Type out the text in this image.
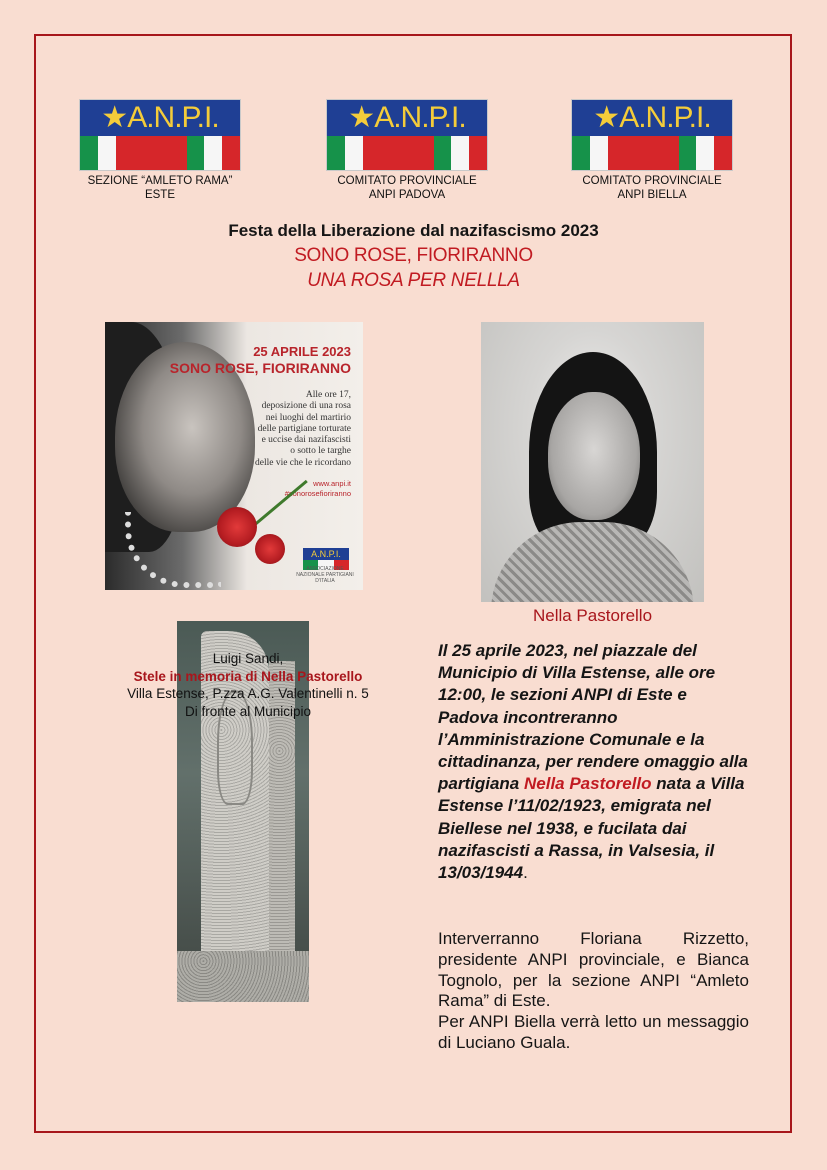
★A.N.P.I.
SEZIONE “AMLETO RAMA”
ESTE
★A.N.P.I.
COMITATO PROVINCIALE
ANPI PADOVA
★A.N.P.I.
COMITATO PROVINCIALE
ANPI BIELLA
Festa della Liberazione dal nazifascismo 2023
SONO ROSE, FIORIRANNO
UNA ROSA PER NELLLA
25 APRILE 2023
SONO ROSE, FIORIRANNO
Alle ore 17,
deposizione di una rosa
nei luoghi del martirio
delle partigiane torturate
e uccise dai nazifascisti
o sotto le targhe
delle vie che le ricordano
www.anpi.it
#sonorosefioriranno
A.N.P.I.
ASSOCIAZIONE NAZIONALE PARTIGIANI D'ITALIA
Nella Pastorello
Luigi Sandi,
Stele in memoria di Nella Pastorello
Villa Estense, P.zza A.G. Valentinelli n. 5
Di fronte al Municipio
Il 25 aprile 2023, nel piazzale del Municipio di Villa Estense, alle ore 12:00, le sezioni ANPI di Este e Padova incontreranno l’Amministrazione Comunale e la cittadinanza, per rendere omaggio alla partigiana Nella Pastorello nata a Villa Estense l’11/02/1923, emigrata nel Biellese nel 1938, e fucilata dai nazifascisti a Rassa, in Valsesia, il 13/03/1944.

Interverranno Floriana Rizzetto, presidente ANPI provinciale, e Bianca Tognolo, per la sezione ANPI “Amleto Rama” di Este.

Per ANPI Biella verrà letto un messaggio di Luciano Guala.
